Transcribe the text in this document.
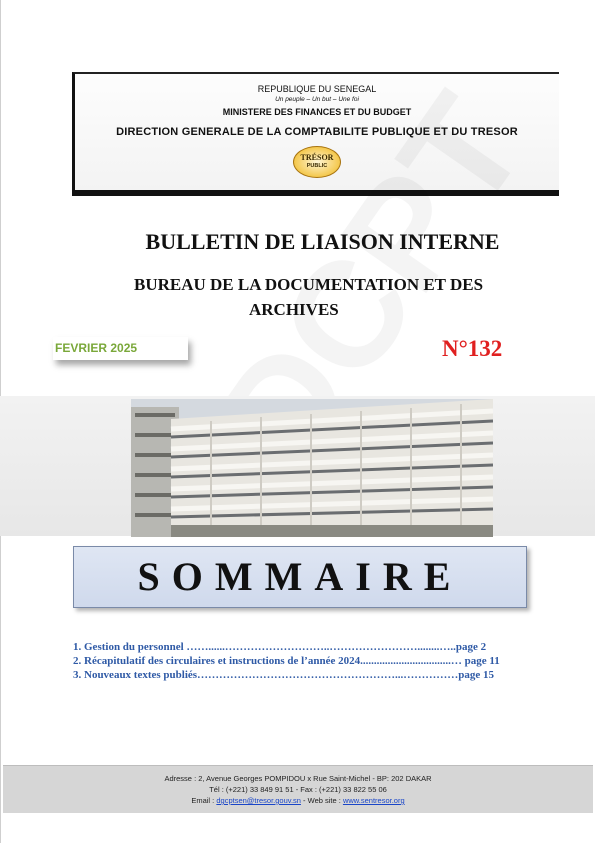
REPUBLIQUE DU SENEGAL
Un peuple – Un but – Une foi
MINISTERE DES FINANCES ET DU BUDGET
DIRECTION GENERALE DE LA COMPTABILITE PUBLIQUE ET DU TRESOR
TRÉSOR
PUBLIC
BULLETIN DE LIAISON INTERNE
BUREAU DE LA DOCUMENTATION ET DES
ARCHIVES
FEVRIER 2025	N°132
SOMMAIRE
1. Gestion du personnel ……......………………………..……………………........…..page 2
2. Récapitulatif des circulaires et instructions de l’année 2024.................................… page 11
3. Nouveaux textes publiés………………………………………………...……………page 15
Adresse : 2, Avenue Georges POMPIDOU x Rue Saint-Michel - BP: 202 DAKAR
Tél : (+221) 33 849 91 51 - Fax : (+221) 33 822 55 06
Email : dgcptsen@tresor.gouv.sn - Web site : www.sentresor.org
